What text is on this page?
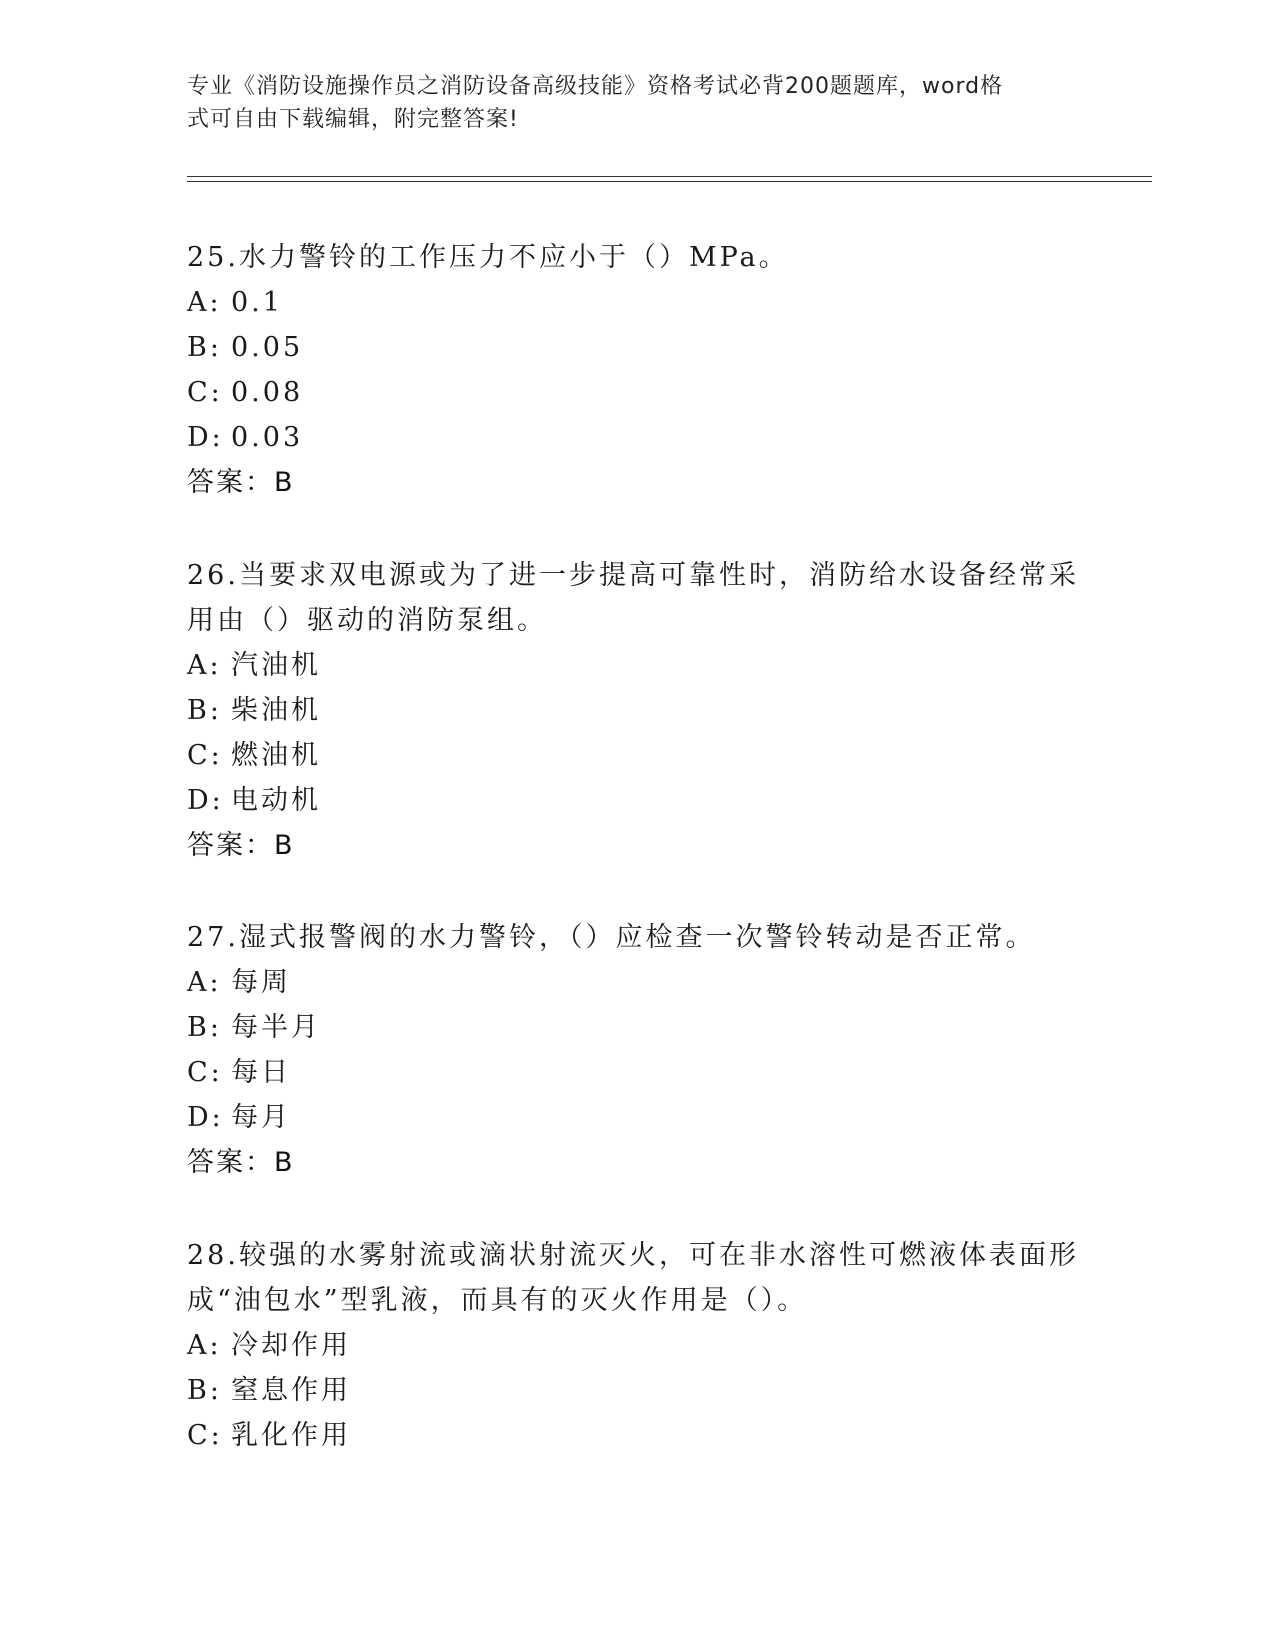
专业《消防设施操作员之消防设备高级技能》资格考试必背200题题库，word格
式可自由下载编辑，附完整答案!

25.水力警铃的工作压力不应小于（）MPa。

A: 0.1

B: 0.05

C: 0.08

D: 0.03

答案：B

26.当要求双电源或为了进一步提高可靠性时，消防给水设备经常采用由（）驱动的消防泵组。

A: 汽油机

B: 柴油机

C: 燃油机

D: 电动机

答案：B

27.湿式报警阀的水力警铃，（）应检查一次警铃转动是否正常。

A: 每周

B: 每半月

C: 每日

D: 每月

答案：B

28.较强的水雾射流或滴状射流灭火，可在非水溶性可燃液体表面形成“油包水”型乳液，而具有的灭火作用是（）。

A: 冷却作用

B: 窒息作用

C: 乳化作用
